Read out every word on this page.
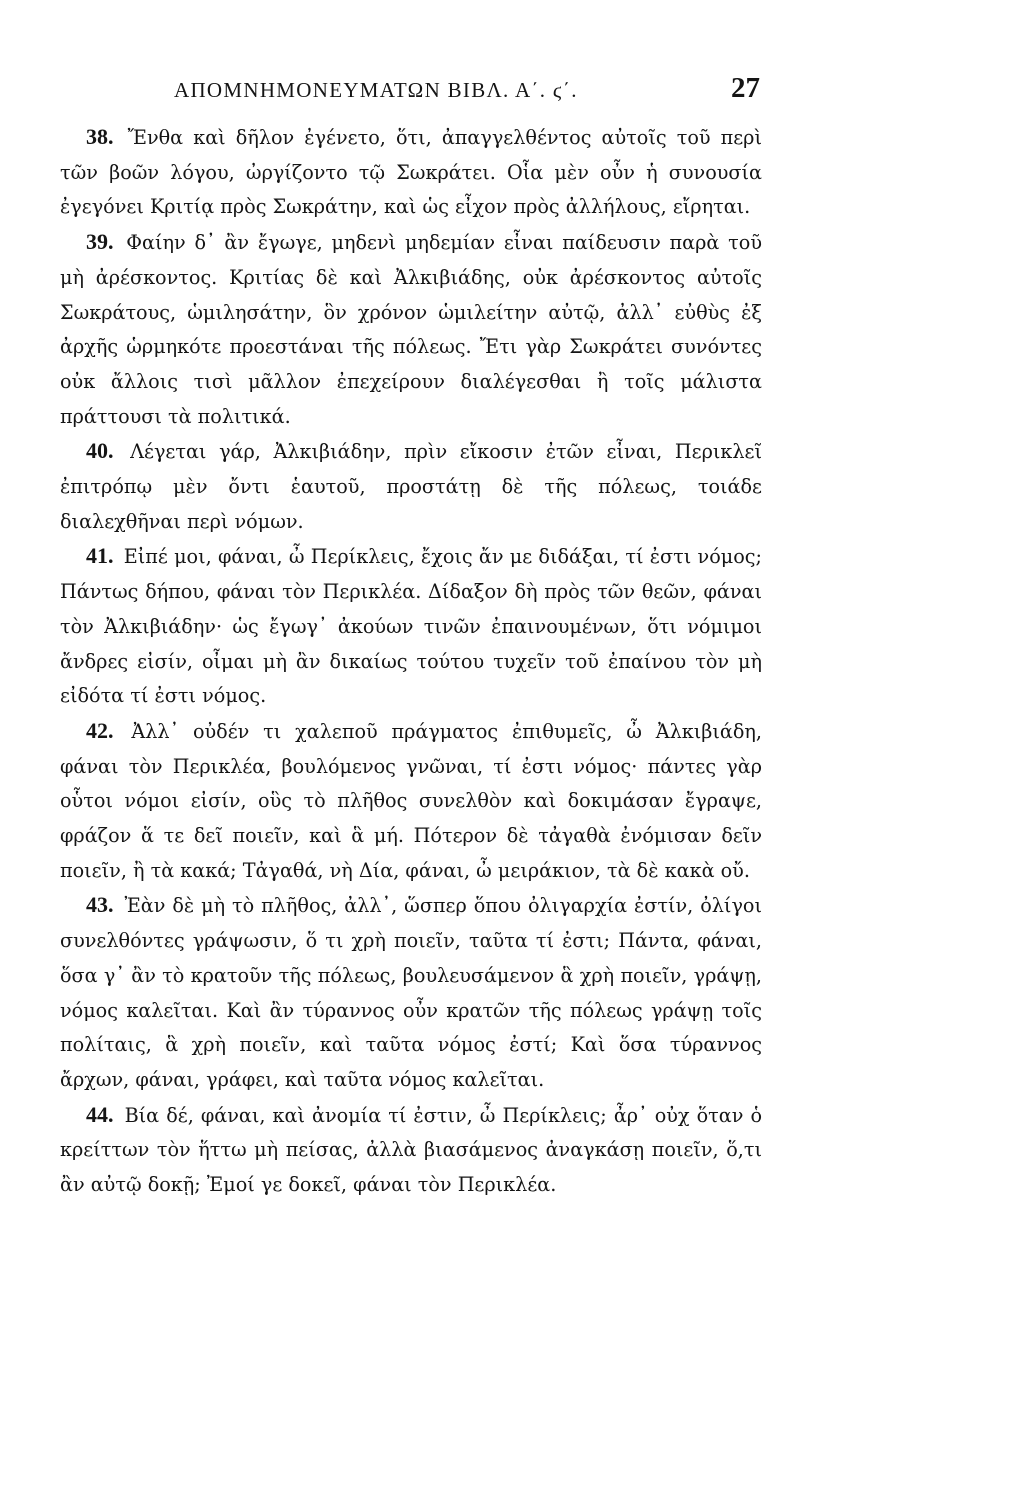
ΑΠΟΜΝΗΜΟΝΕΥΜΑΤΩΝ ΒΙΒΛ. Α΄. ϛ΄.	27

38. Ἔνθα καὶ δῆλον ἐγένετο, ὅτι, ἀπαγγελθέντος αὐτοῖς τοῦ περὶ τῶν βοῶν λόγου, ὠργίζοντο τῷ Σωκράτει. Οἷα μὲν οὖν ἡ συνουσία ἐγεγόνει Κριτίᾳ πρὸς Σωκράτην, καὶ ὡς εἶχον πρὸς ἀλλήλους, εἴρηται.

39. Φαίην δ᾽ ἂν ἔγωγε, μηδενὶ μηδεμίαν εἶναι παίδευσιν παρὰ τοῦ μὴ ἀρέσκοντος. Κριτίας δὲ καὶ Ἀλκιβιάδης, οὐκ ἀρέσκοντος αὐτοῖς Σωκράτους, ὡμιλησάτην, ὃν χρόνον ὡμιλείτην αὐτῷ, ἀλλ᾽ εὐθὺς ἐξ ἀρχῆς ὡρμηκότε προεστάναι τῆς πόλεως. Ἔτι γὰρ Σωκράτει συνόντες οὐκ ἄλλοις τισὶ μᾶλλον ἐπεχείρουν διαλέγεσθαι ἢ τοῖς μάλιστα πράττουσι τὰ πολιτικά.

40. Λέγεται γάρ, Ἀλκιβιάδην, πρὶν εἴκοσιν ἐτῶν εἶναι, Περικλεῖ ἐπιτρόπῳ μὲν ὄντι ἑαυτοῦ, προστάτῃ δὲ τῆς πόλεως, τοιάδε διαλεχθῆναι περὶ νόμων.

41. Εἰπέ μοι, φάναι, ὦ Περίκλεις, ἔχοις ἄν με διδάξαι, τί ἐστι νόμος; Πάντως δήπου, φάναι τὸν Περικλέα. Δίδαξον δὴ πρὸς τῶν θεῶν, φάναι τὸν Ἀλκιβιάδην· ὡς ἔγωγ᾽ ἀκούων τινῶν ἐπαινουμένων, ὅτι νόμιμοι ἄνδρες εἰσίν, οἶμαι μὴ ἂν δικαίως τούτου τυχεῖν τοῦ ἐπαίνου τὸν μὴ εἰδότα τί ἐστι νόμος.

42. Ἀλλ᾽ οὐδέν τι χαλεποῦ πράγματος ἐπιθυμεῖς, ὦ Ἀλκιβιάδη, φάναι τὸν Περικλέα, βουλόμενος γνῶναι, τί ἐστι νόμος· πάντες γὰρ οὗτοι νόμοι εἰσίν, οὓς τὸ πλῆθος συνελθὸν καὶ δοκιμάσαν ἔγραψε, φράζον ἅ τε δεῖ ποιεῖν, καὶ ἃ μή. Πότερον δὲ τἀγαθὰ ἐνόμισαν δεῖν ποιεῖν, ἢ τὰ κακά; Τἀγαθά, νὴ Δία, φάναι, ὦ μειράκιον, τὰ δὲ κακὰ οὔ.

43. Ἐὰν δὲ μὴ τὸ πλῆθος, ἀλλ᾽, ὥσπερ ὅπου ὀλιγαρχία ἐστίν, ὀλίγοι συνελθόντες γράψωσιν, ὅ τι χρὴ ποιεῖν, ταῦτα τί ἐστι; Πάντα, φάναι, ὅσα γ᾽ ἂν τὸ κρατοῦν τῆς πόλεως, βουλευσάμενον ἃ χρὴ ποιεῖν, γράψῃ, νόμος καλεῖται. Καὶ ἂν τύραννος οὖν κρατῶν τῆς πόλεως γράψῃ τοῖς πολίταις, ἃ χρὴ ποιεῖν, καὶ ταῦτα νόμος ἐστί; Καὶ ὅσα τύραννος ἄρχων, φάναι, γράφει, καὶ ταῦτα νόμος καλεῖται.

44. Βία δέ, φάναι, καὶ ἀνομία τί ἐστιν, ὦ Περίκλεις; ἆρ᾽ οὐχ ὅταν ὁ κρείττων τὸν ἥττω μὴ πείσας, ἀλλὰ βιασάμενος ἀναγκάσῃ ποιεῖν, ὅ,τι ἂν αὐτῷ δοκῇ; Ἐμοί γε δοκεῖ, φάναι τὸν Περικλέα.
